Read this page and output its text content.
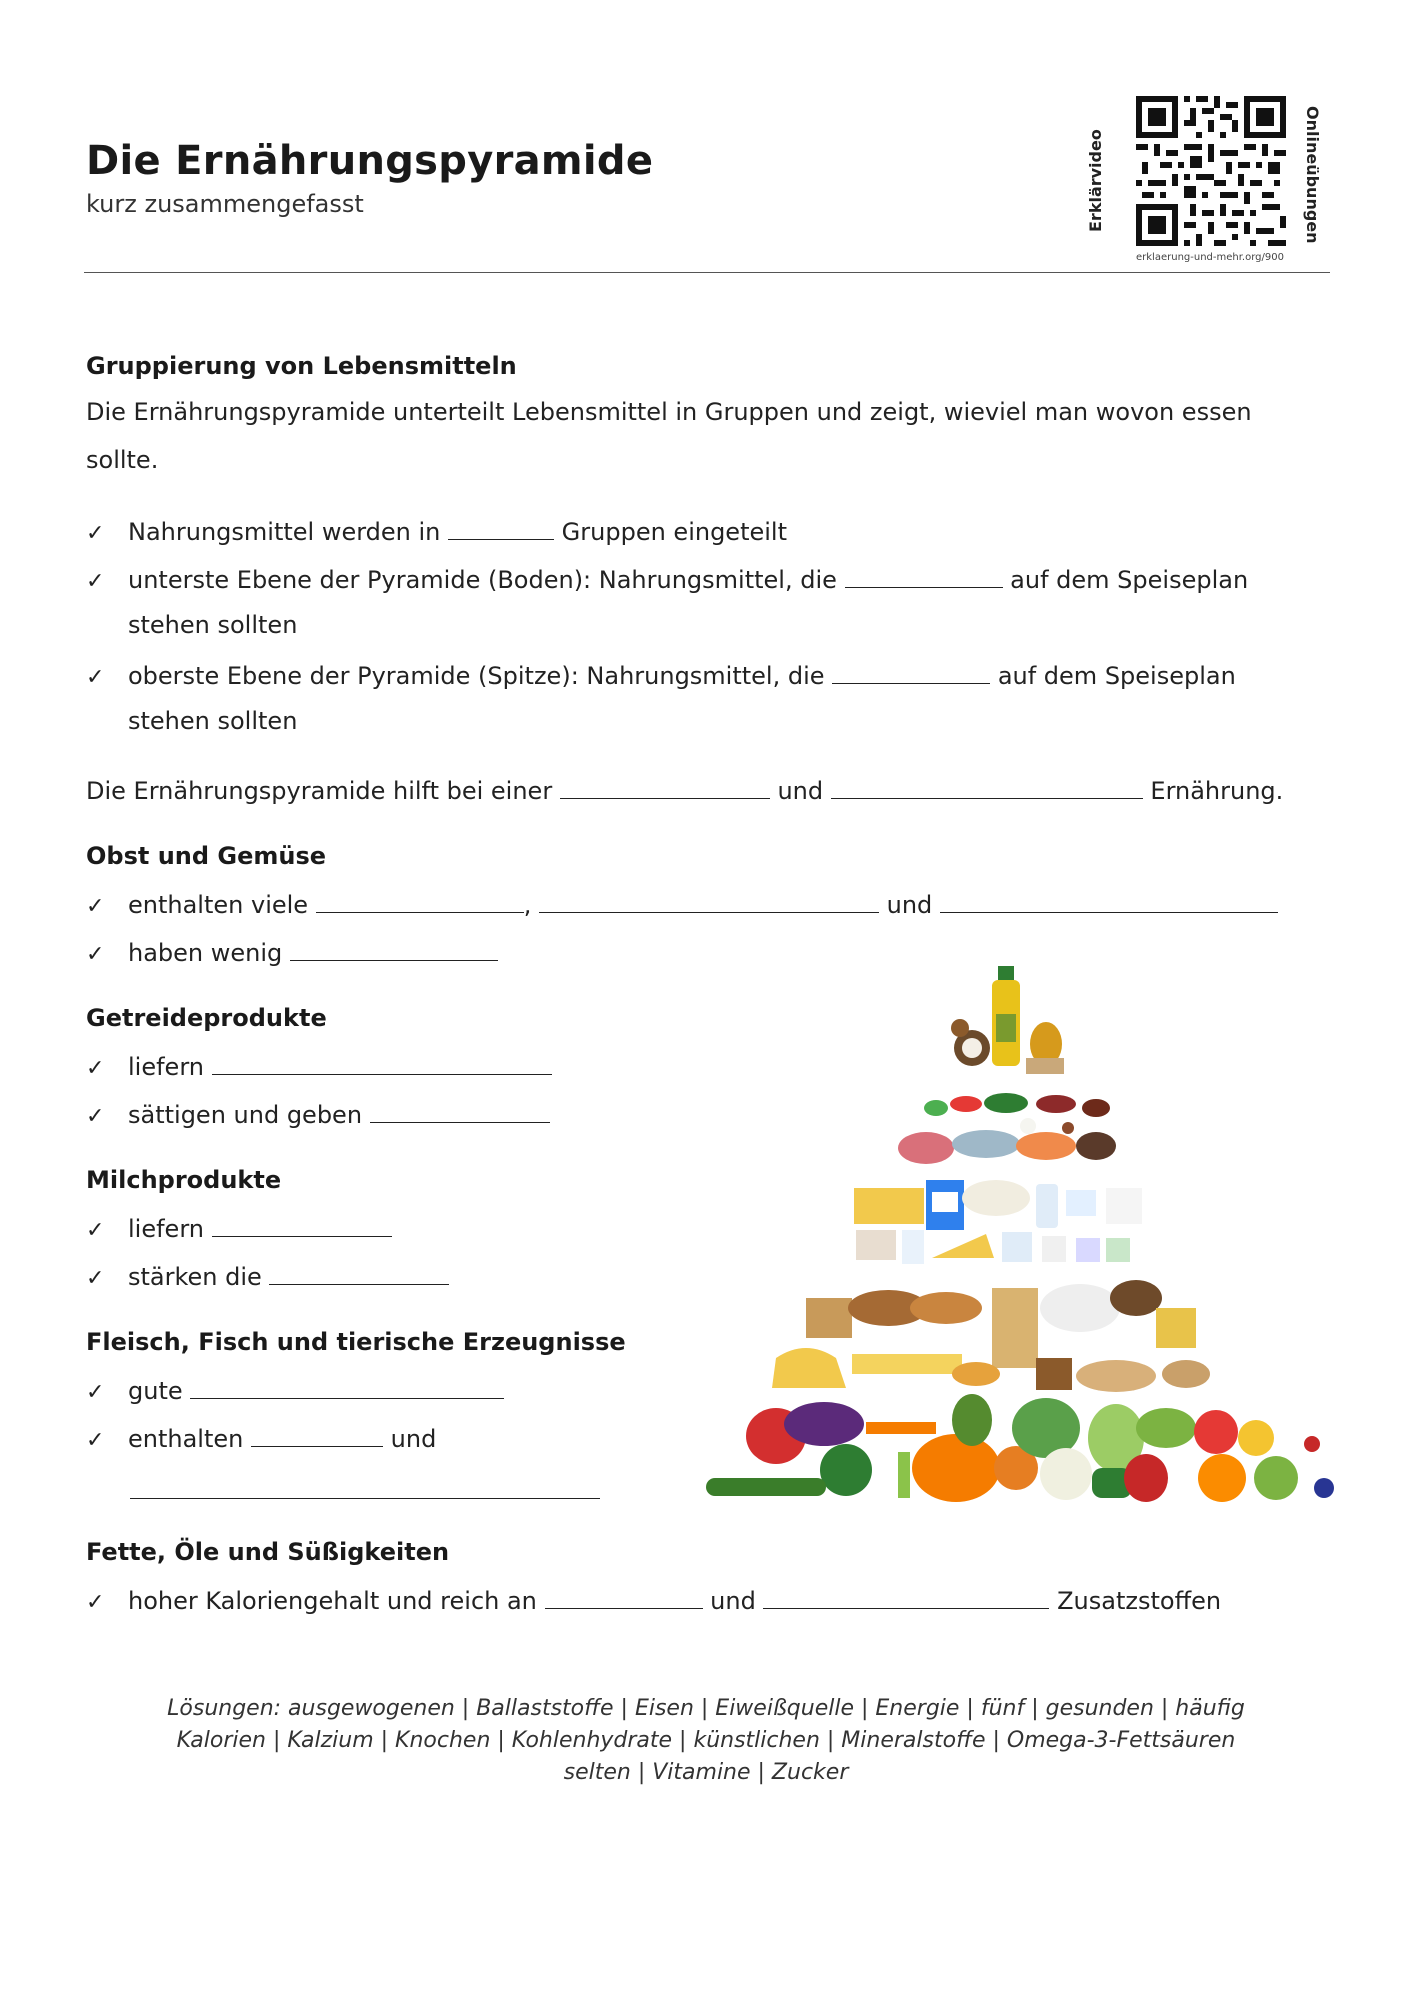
Die Ernährungspyramide
kurz zusammengefasst	Erklärvideo	Onlineübungen
erklaerung-und-mehr.org/900
Gruppierung von Lebensmitteln
Die Ernährungspyramide unterteilt Lebensmittel in Gruppen und zeigt, wieviel man wovon essen
sollte.
✓ Nahrungsmittel werden in	Gruppen eingeteilt
✓ unterste Ebene der Pyramide (Boden): Nahrungsmittel, die	auf dem Speiseplan
stehen sollten
✓ oberste Ebene der Pyramide (Spitze): Nahrungsmittel, die	auf dem Speiseplan
stehen sollten
Die Ernährungspyramide hilft bei einer	und	Ernährung.
Obst und Gemüse
✓ enthalten viele	,	und
✓ haben wenig
Getreideprodukte
✓ liefern
✓ sättigen und geben
Milchprodukte
✓ liefern
✓ stärken die
Fleisch, Fisch und tierische Erzeugnisse
✓ gute
✓ enthalten	und
Fette, Öle und Süßigkeiten
✓ hoher Kaloriengehalt und reich an	und	Zusatzstoffen
Lösungen: ausgewogenen | Ballaststoffe | Eisen | Eiweißquelle | Energie | fünf | gesunden | häufig
Kalorien | Kalzium | Knochen | Kohlenhydrate | künstlichen | Mineralstoffe | Omega-3-Fettsäuren
selten | Vitamine | Zucker
